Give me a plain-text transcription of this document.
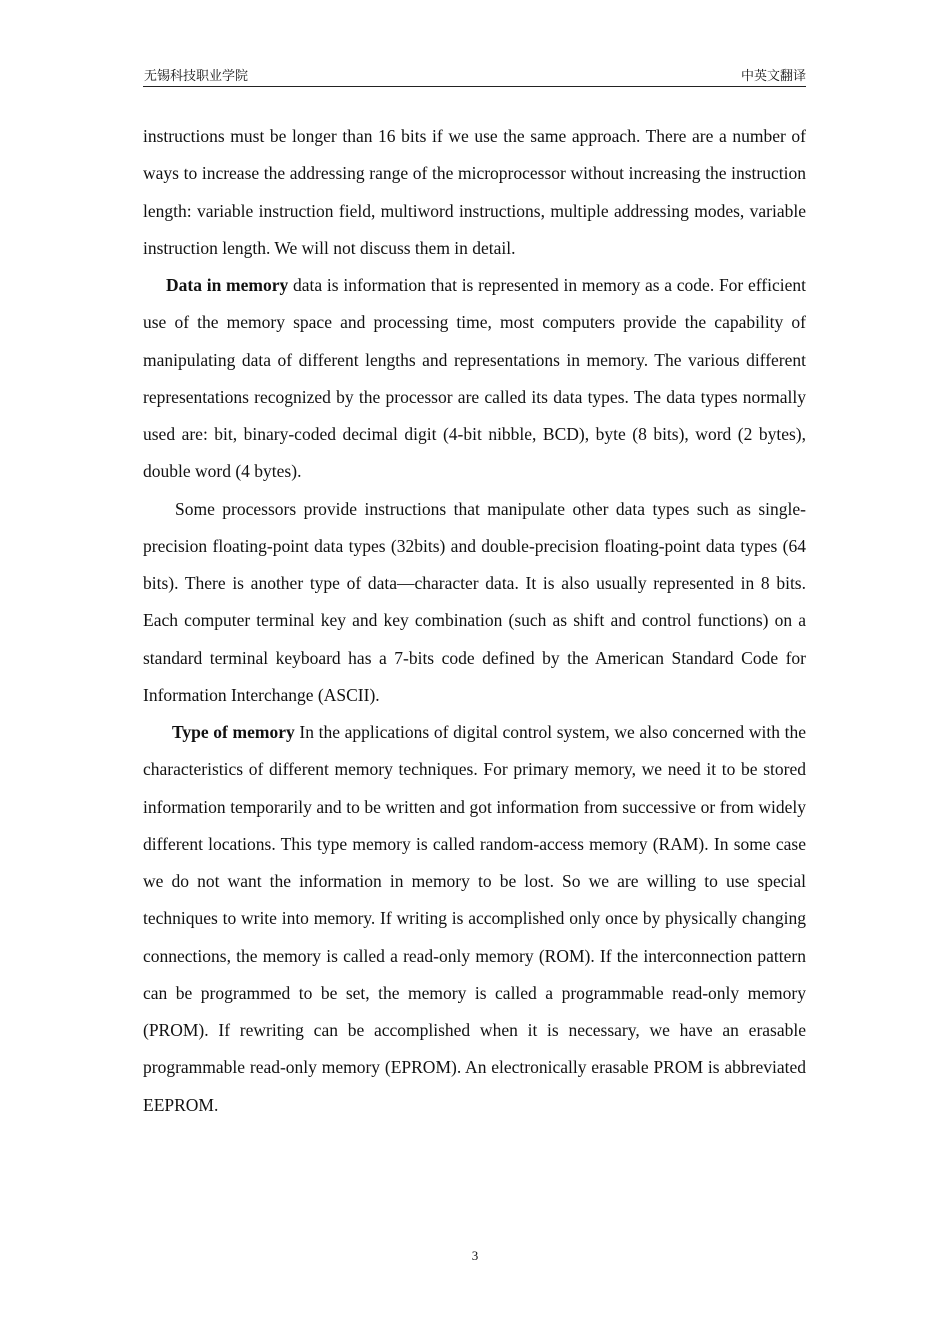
无锡科技职业学院	中英文翻译

instructions must be longer than 16 bits if we use the same approach. There are a number of ways to increase the addressing range of the microprocessor without increasing the instruction length: variable instruction field, multiword instructions, multiple addressing modes, variable instruction length. We will not discuss them in detail.

Data in memory data is information that is represented in memory as a code. For efficient use of the memory space and processing time, most computers provide the capability of manipulating data of different lengths and representations in memory. The various different representations recognized by the processor are called its data types. The data types normally used are: bit, binary-coded decimal digit (4-bit nibble, BCD), byte (8 bits), word (2 bytes), double word (4 bytes).

Some processors provide instructions that manipulate other data types such as single-precision floating-point data types (32bits) and double-precision floating-point data types (64 bits). There is another type of data—character data. It is also usually represented in 8 bits. Each computer terminal key and key combination (such as shift and control functions) on a standard terminal keyboard has a 7-bits code defined by the American Standard Code for Information Interchange (ASCII).

Type of memory In the applications of digital control system, we also concerned with the characteristics of different memory techniques. For primary memory, we need it to be stored information temporarily and to be written and got information from successive or from widely different locations. This type memory is called random-access memory (RAM). In some case we do not want the information in memory to be lost. So we are willing to use special techniques to write into memory. If writing is accomplished only once by physically changing connections, the memory is called a read-only memory (ROM). If the interconnection pattern can be programmed to be set, the memory is called a programmable read-only memory (PROM). If rewriting can be accomplished when it is necessary, we have an erasable programmable read-only memory (EPROM). An electronically erasable PROM is abbreviated EEPROM.

3
